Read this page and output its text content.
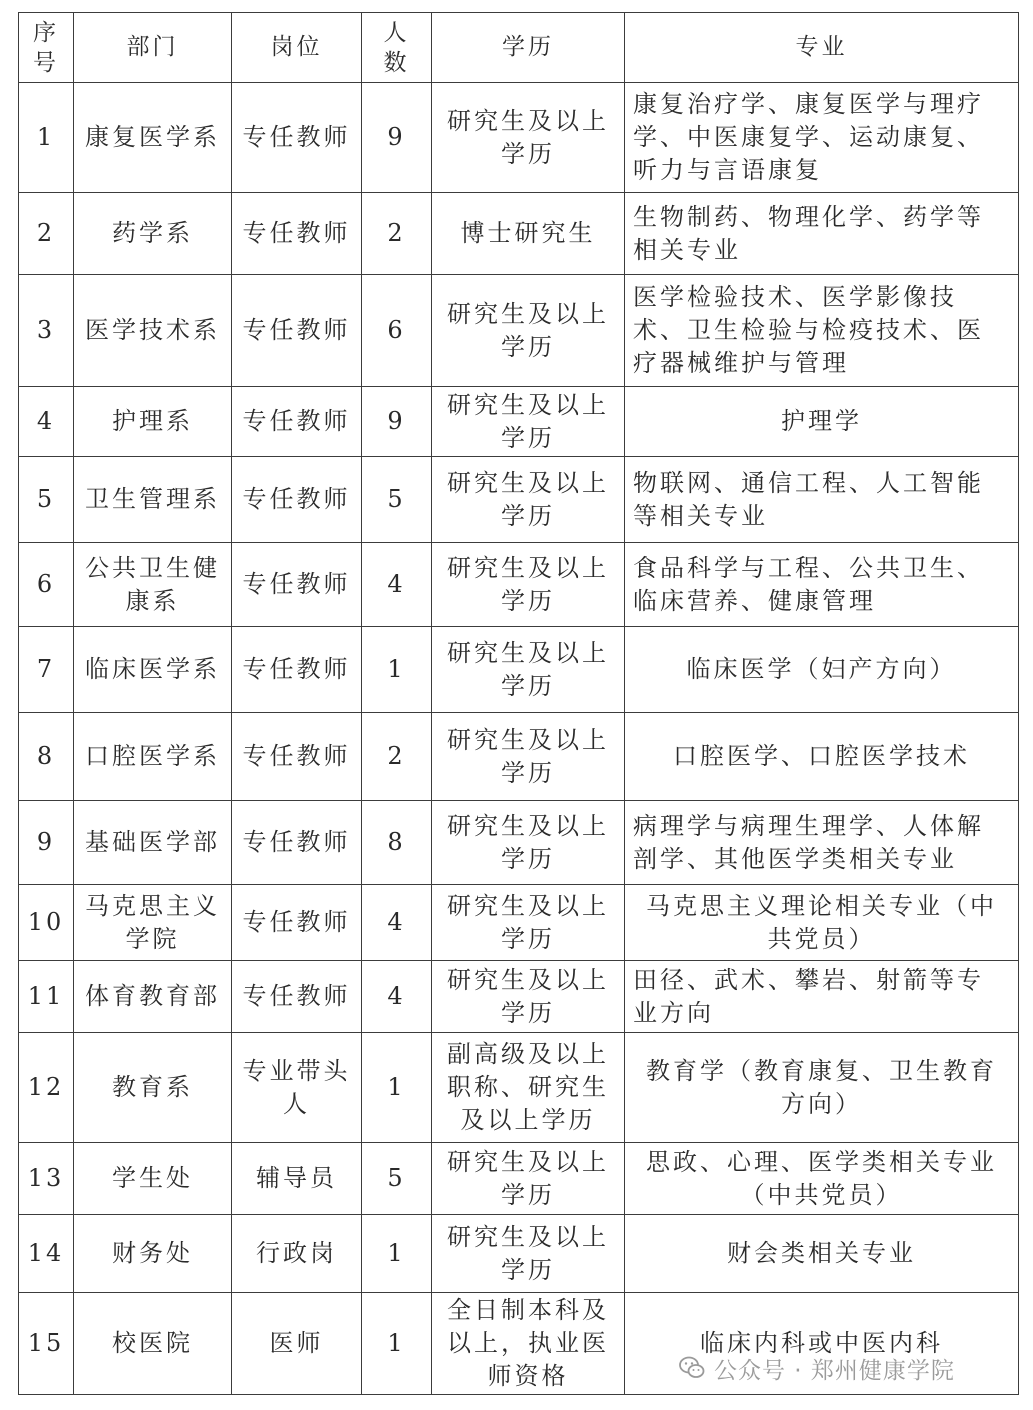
序号	部门	岗位	人数	学历	专业
1	康复医学系	专任教师	9	研究生及以上学历	康复治疗学、康复医学与理疗学、中医康复学、运动康复、听力与言语康复
2	药学系	专任教师	2	博士研究生	生物制药、物理化学、药学等相关专业
3	医学技术系	专任教师	6	研究生及以上学历	医学检验技术、医学影像技术、卫生检验与检疫技术、医疗器械维护与管理
4	护理系	专任教师	9	研究生及以上学历	护理学
5	卫生管理系	专任教师	5	研究生及以上学历	物联网、通信工程、人工智能等相关专业
6	公共卫生健康系	专任教师	4	研究生及以上学历	食品科学与工程、公共卫生、临床营养、健康管理
7	临床医学系	专任教师	1	研究生及以上学历	临床医学（妇产方向）
8	口腔医学系	专任教师	2	研究生及以上学历	口腔医学、口腔医学技术
9	基础医学部	专任教师	8	研究生及以上学历	病理学与病理生理学、人体解剖学、其他医学类相关专业
10	马克思主义学院	专任教师	4	研究生及以上学历	马克思主义理论相关专业（中共党员）
11	体育教育部	专任教师	4	研究生及以上学历	田径、武术、攀岩、射箭等专业方向
12	教育系	专业带头人	1	副高级及以上职称、研究生及以上学历	教育学（教育康复、卫生教育方向）
13	学生处	辅导员	5	研究生及以上学历	思政、心理、医学类相关专业（中共党员）
14	财务处	行政岗	1	研究生及以上学历	财会类相关专业
15	校医院	医师	1	全日制本科及以上，执业医师资格	临床内科或中医内科
公众号 · 郑州健康学院
